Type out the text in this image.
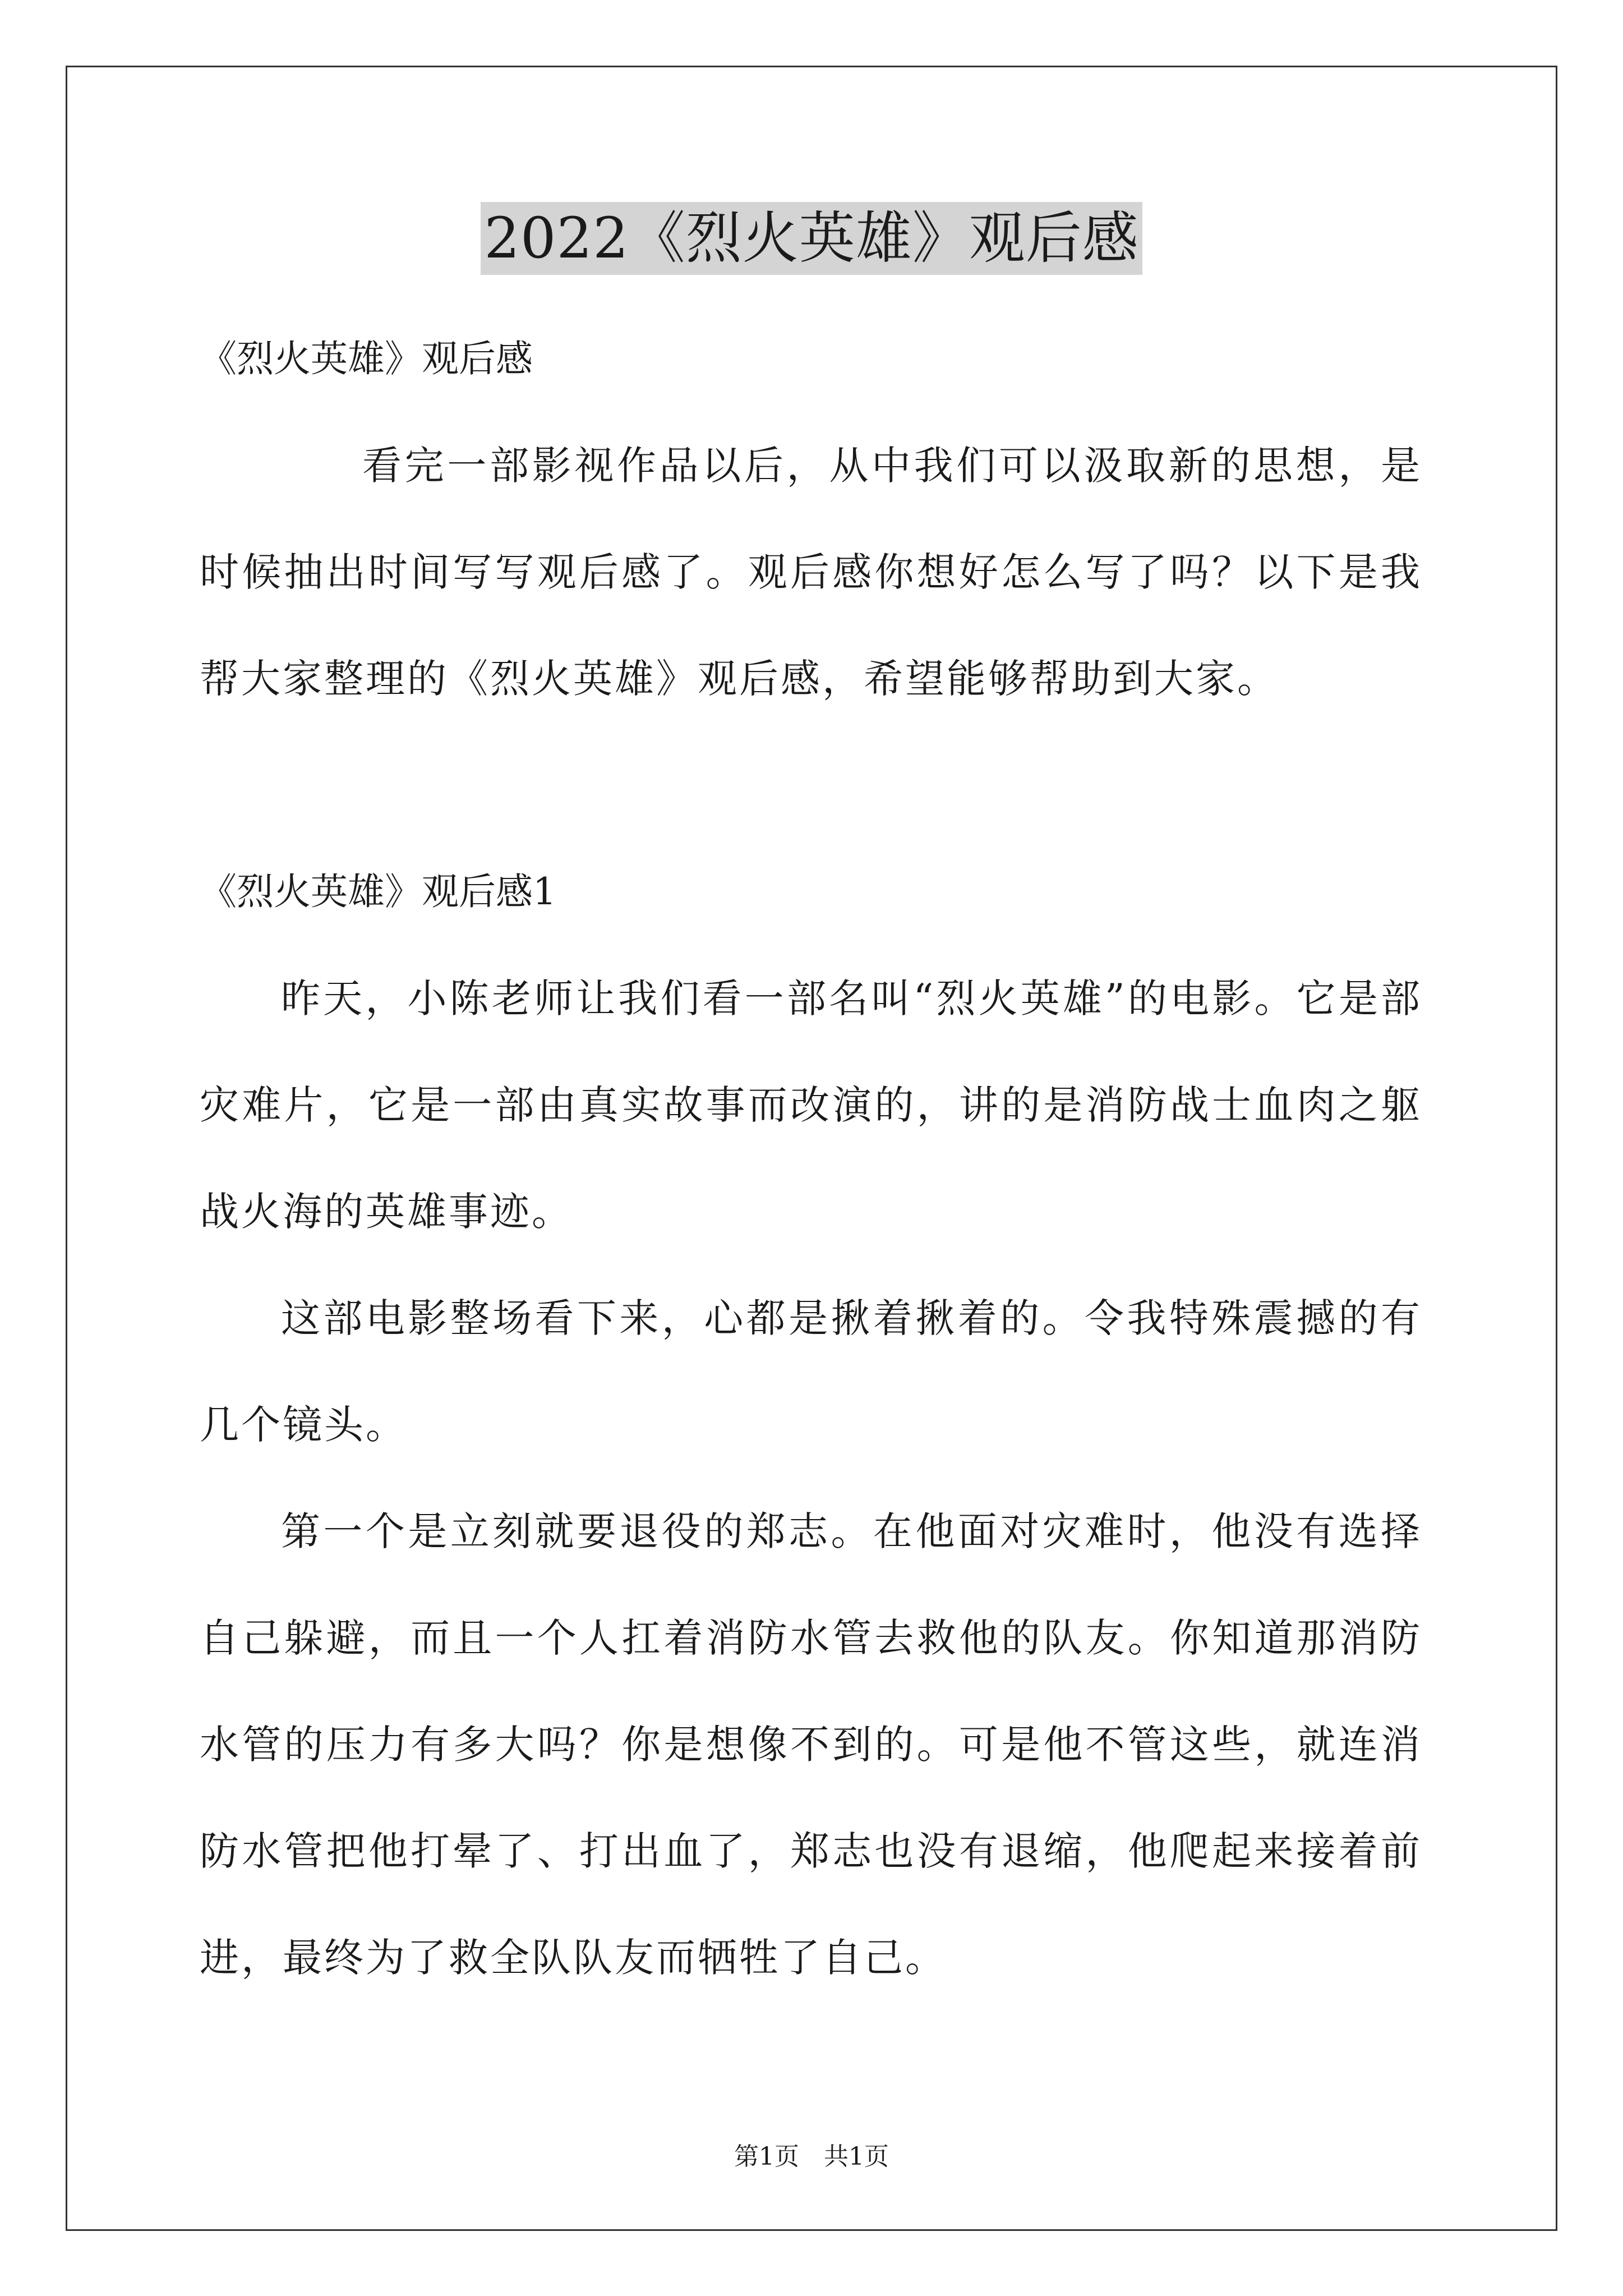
2022《烈火英雄》观后感

《烈火英雄》观后感

看完一部影视作品以后，从中我们可以汲取新的思想，是时候抽出时间写写观后感了。观后感你想好怎么写了吗？以下是我帮大家整理的《烈火英雄》观后感，希望能够帮助到大家。

《烈火英雄》观后感1

昨天，小陈老师让我们看一部名叫“烈火英雄”的电影。它是部灾难片，它是一部由真实故事而改演的，讲的是消防战士血肉之躯战火海的英雄事迹。

这部电影整场看下来，心都是揪着揪着的。令我特殊震撼的有几个镜头。

第一个是立刻就要退役的郑志。在他面对灾难时，他没有选择自己躲避，而且一个人扛着消防水管去救他的队友。你知道那消防水管的压力有多大吗？你是想像不到的。可是他不管这些，就连消防水管把他打晕了、打出血了，郑志也没有退缩，他爬起来接着前进，最终为了救全队队友而牺牲了自己。

第1页　共1页
